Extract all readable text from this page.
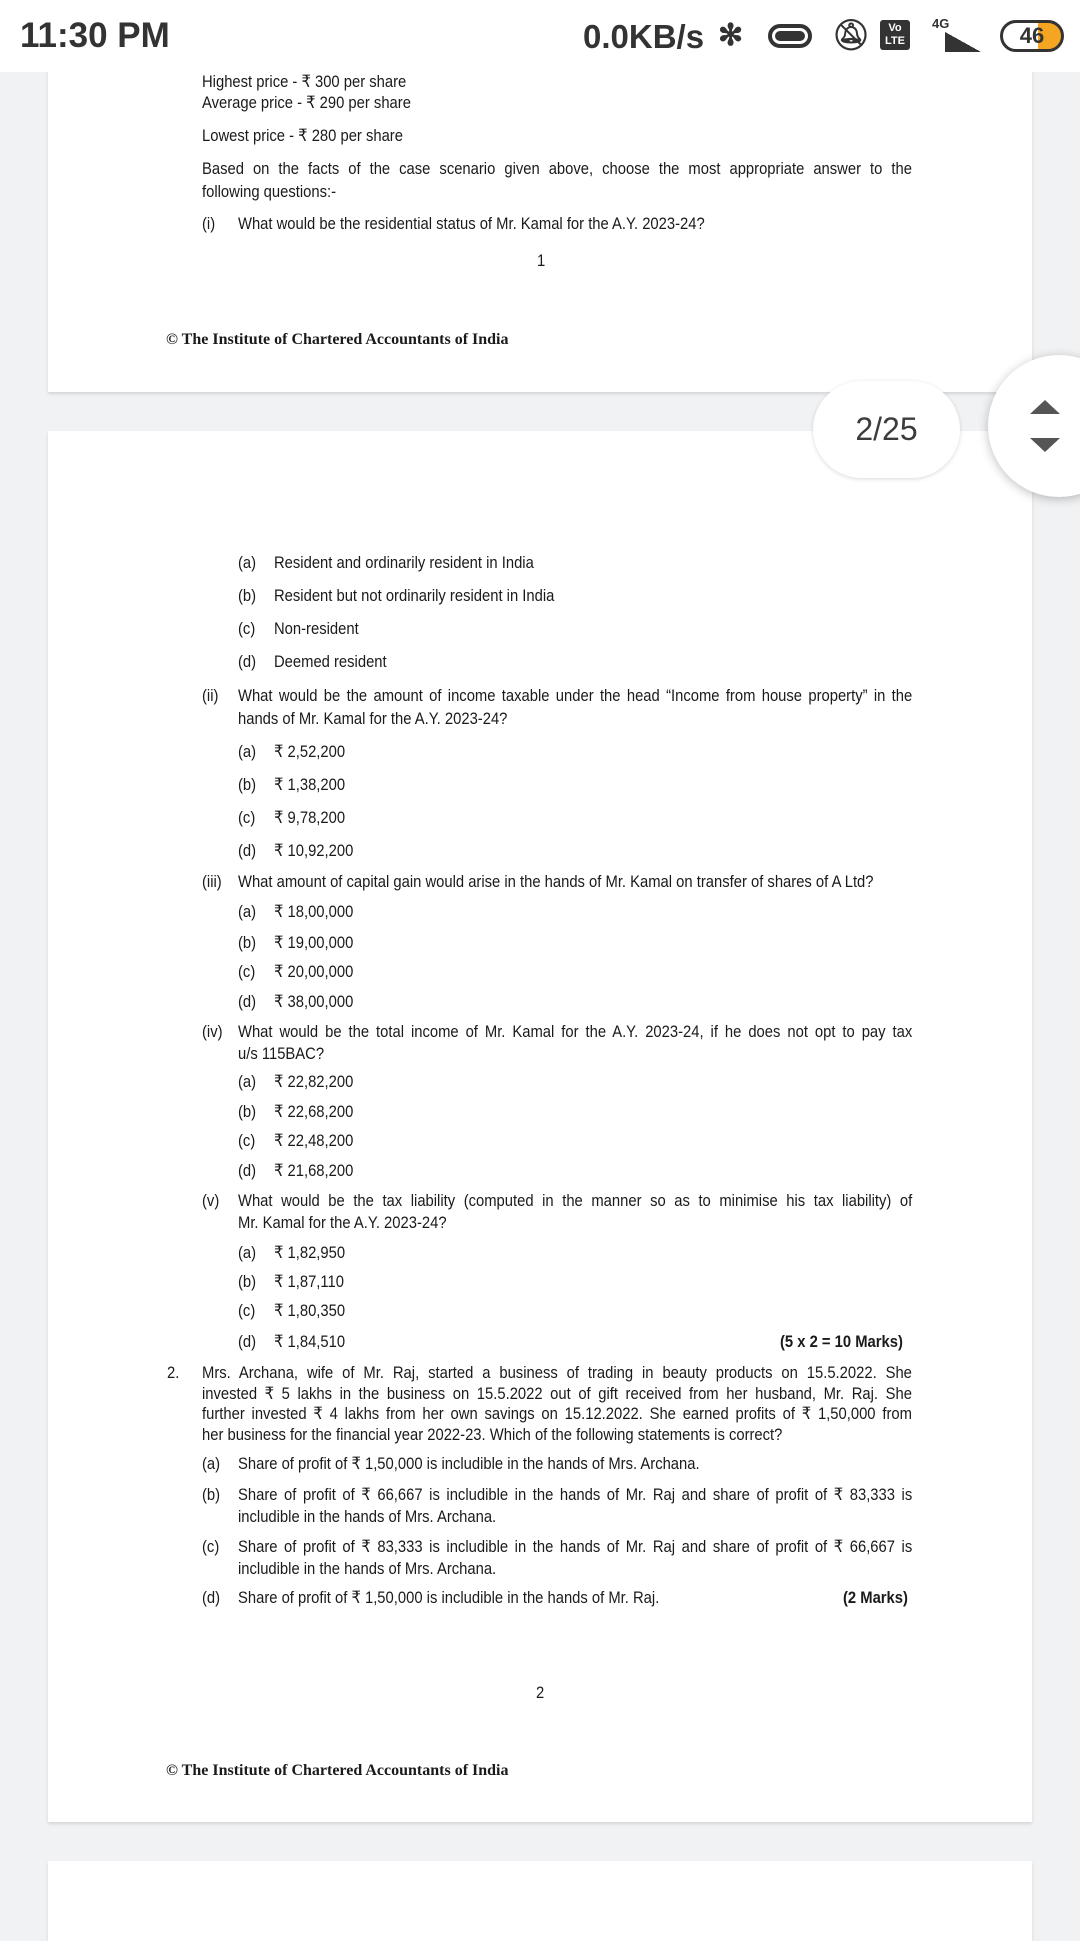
11:30 PM	0.0KB/s ✻	🔕︎	Vo LTE
4G	46
Highest price - ₹ 300 per share
Average price - ₹ 290 per share
Lowest price - ₹ 280 per share
Based on the facts of the case scenario given above, choose the most appropriate answer to the
following questions:-
(i) What would be the residential status of Mr. Kamal for the A.Y. 2023-24?
1
© The Institute of Chartered Accountants of India
(a) Resident and ordinarily resident in India
(b) Resident but not ordinarily resident in India
(c) Non-resident
(d) Deemed resident
(ii) What would be the amount of income taxable under the head “Income from house property” in the
hands of Mr. Kamal for the A.Y. 2023-24?
(a) ₹ 2,52,200
(b) ₹ 1,38,200
(c) ₹ 9,78,200
(d) ₹ 10,92,200
(iii) What amount of capital gain would arise in the hands of Mr. Kamal on transfer of shares of A Ltd?
(a) ₹ 18,00,000
(b) ₹ 19,00,000
(c) ₹ 20,00,000
(d) ₹ 38,00,000
(iv) What would be the total income of Mr. Kamal for the A.Y. 2023-24, if he does not opt to pay tax
u/s 115BAC?
(a) ₹ 22,82,200
(b) ₹ 22,68,200
(c) ₹ 22,48,200
(d) ₹ 21,68,200
(v) What would be the tax liability (computed in the manner so as to minimise his tax liability) of
Mr. Kamal for the A.Y. 2023-24?
(a) ₹ 1,82,950
(b) ₹ 1,87,110
(c) ₹ 1,80,350
(d) ₹ 1,84,510	(5 x 2 = 10 Marks)
2. Mrs. Archana, wife of Mr. Raj, started a business of trading in beauty products on 15.5.2022. She
invested ₹ 5 lakhs in the business on 15.5.2022 out of gift received from her husband, Mr. Raj. She
further invested ₹ 4 lakhs from her own savings on 15.12.2022. She earned profits of ₹ 1,50,000 from
her business for the financial year 2022-23. Which of the following statements is correct?
(a) Share of profit of ₹ 1,50,000 is includible in the hands of Mrs. Archana.
(b) Share of profit of ₹ 66,667 is includible in the hands of Mr. Raj and share of profit of ₹ 83,333 is
includible in the hands of Mrs. Archana.
(c) Share of profit of ₹ 83,333 is includible in the hands of Mr. Raj and share of profit of ₹ 66,667 is
includible in the hands of Mrs. Archana.
(d) Share of profit of ₹ 1,50,000 is includible in the hands of Mr. Raj.	(2 Marks)
2
© The Institute of Chartered Accountants of India
2/25
